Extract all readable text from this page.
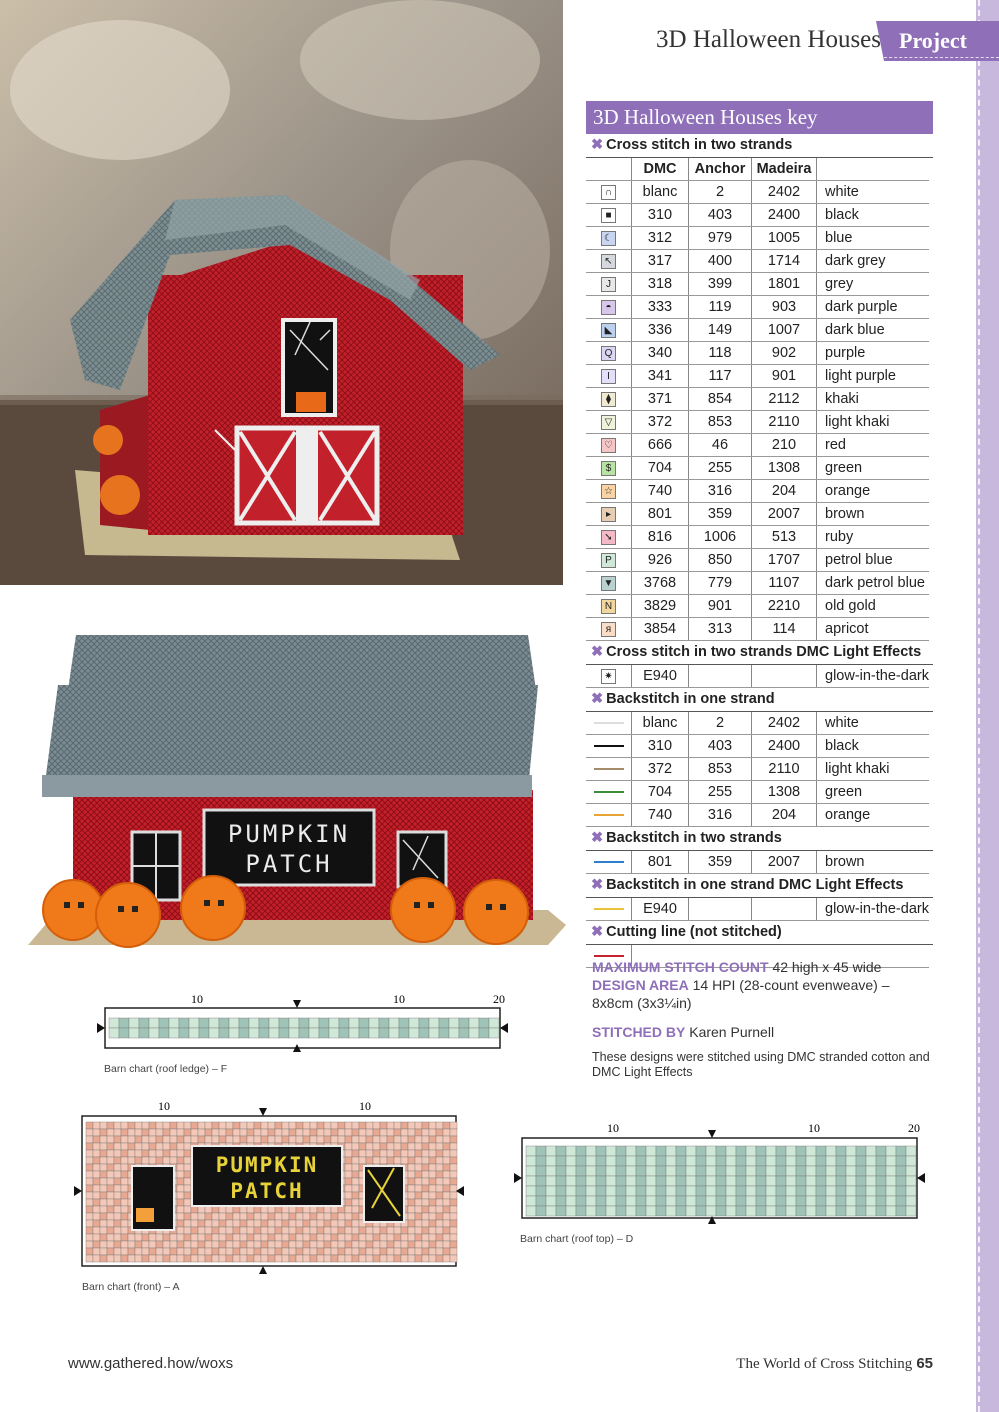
3D Halloween Houses Project
PUMPKIN
PATCH
3D Halloween Houses key
✖ Cross stitch in two strands
	DMC	Anchor	Madeira	
∩	blanc	2	2402	white
■	310	403	2400	black
☾	312	979	1005	blue
↖	317	400	1714	dark grey
J	318	399	1801	grey
◓	333	119	903	dark purple
◣	336	149	1007	dark blue
Q	340	118	902	purple
I	341	117	901	light purple
⧫	371	854	2112	khaki
▽	372	853	2110	light khaki
♡	666	46	210	red
$	704	255	1308	green
☆	740	316	204	orange
▸	801	359	2007	brown
➘	816	1006	513	ruby
P	926	850	1707	petrol blue
▼	3768	779	1107	dark petrol blue
N	3829	901	2210	old gold
я	3854	313	114	apricot
✖ Cross stitch in two strands DMC Light Effects
✷	E940			glow-in-the-dark
✖ Backstitch in one strand
	blanc	2	2402	white
	310	403	2400	black
	372	853	2110	light khaki
	704	255	1308	green
	740	316	204	orange
✖ Backstitch in two strands
	801	359	2007	brown
✖ Backstitch in one strand DMC Light Effects
	E940			glow-in-the-dark
✖ Cutting line (not stitched)

MAXIMUM STITCH COUNT 42 high x 45 wide

DESIGN AREA 14 HPI (28-count evenweave) – 8x8cm (3x3¼in)

STITCHED BY Karen Purnell

These designs were stitched using DMC stranded cotton and DMC Light Effects

10	10	20
Barn chart (roof ledge) – F
10	10
PUMPKIN
PATCH
Barn chart (front) – A
10	10	20
Barn chart (roof top) – D
www.gathered.how/woxs	The World of Cross Stitching 65
